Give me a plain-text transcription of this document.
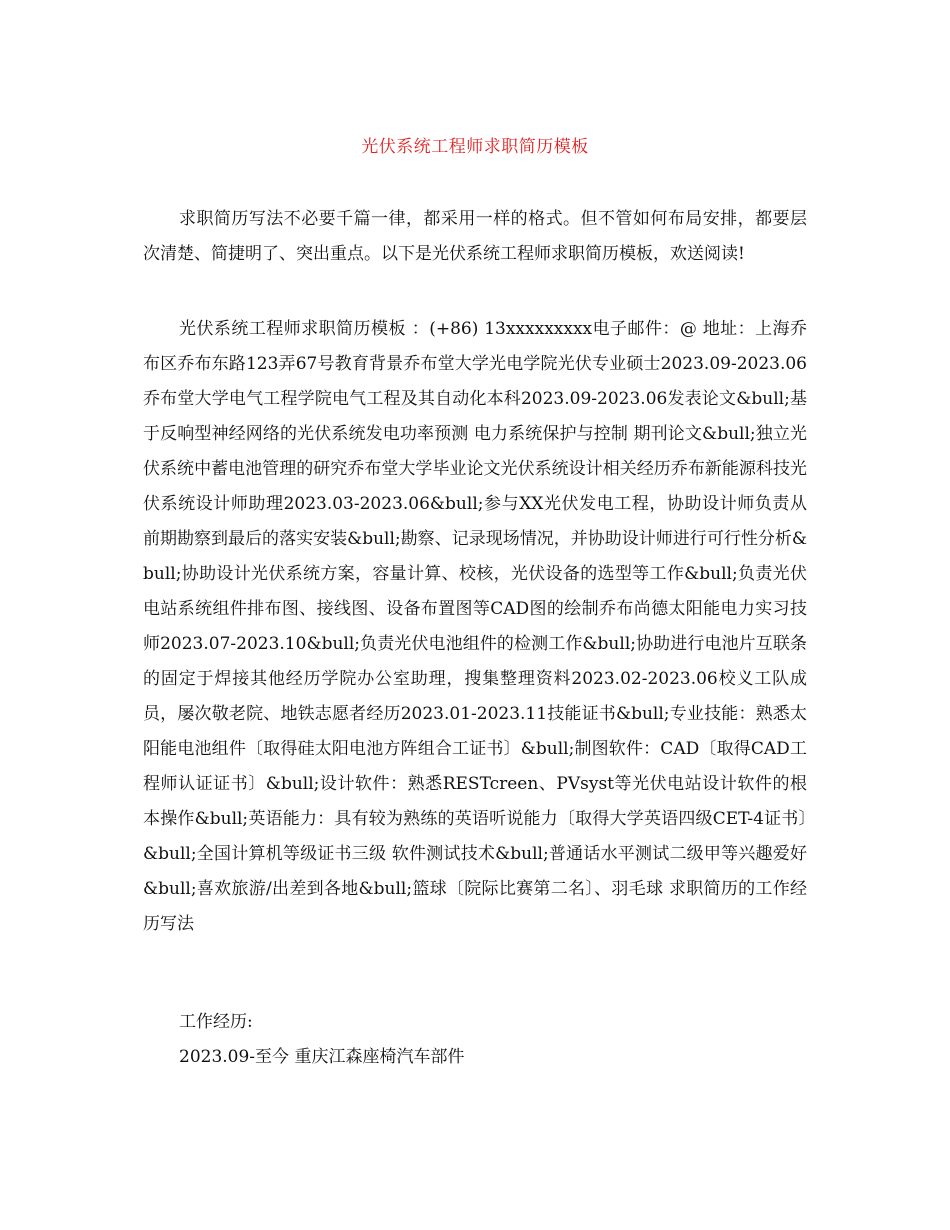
光伏系统工程师求职简历模板
求职简历写法不必要千篇一律，都采用一样的格式。但不管如何布局安排，都要层次清楚、简捷明了、突出重点。以下是光伏系统工程师求职简历模板，欢送阅读!
光伏系统工程师求职简历模板 ：(+86) 13xxxxxxxxx电子邮件：@ 地址：上海乔布区乔布东路123弄67号教育背景乔布堂大学光电学院光伏专业硕士2023.09-2023.06乔布堂大学电气工程学院电气工程及其自动化本科2023.09-2023.06发表论文&bull;基于反响型神经网络的光伏系统发电功率预测 电力系统保护与控制 期刊论文&bull;独立光伏系统中蓄电池管理的研究乔布堂大学毕业论文光伏系统设计相关经历乔布新能源科技光伏系统设计师助理2023.03-2023.06&bull;参与XX光伏发电工程，协助设计师负责从前期勘察到最后的落实安装&bull;勘察、记录现场情况，并协助设计师进行可行性分析&bull;协助设计光伏系统方案，容量计算、校核，光伏设备的选型等工作&bull;负责光伏电站系统组件排布图、接线图、设备布置图等CAD图的绘制乔布尚德太阳能电力实习技师2023.07-2023.10&bull;负责光伏电池组件的检测工作&bull;协助进行电池片互联条的固定于焊接其他经历学院办公室助理，搜集整理资料2023.02-2023.06校义工队成员，屡次敬老院、地铁志愿者经历2023.01-2023.11技能证书&bull;专业技能：熟悉太阳能电池组件〔取得硅太阳电池方阵组合工证书〕&bull;制图软件：CAD〔取得CAD工程师认证证书〕&bull;设计软件：熟悉RESTcreen、PVsyst等光伏电站设计软件的根本操作&bull;英语能力：具有较为熟练的英语听说能力〔取得大学英语四级CET-4证书〕&bull;全国计算机等级证书三级 软件测试技术&bull;普通话水平测试二级甲等兴趣爱好&bull;喜欢旅游/出差到各地&bull;篮球〔院际比赛第二名〕、羽毛球 求职简历的工作经历写法
工作经历:
2023.09-至今 重庆江森座椅汽车部件
